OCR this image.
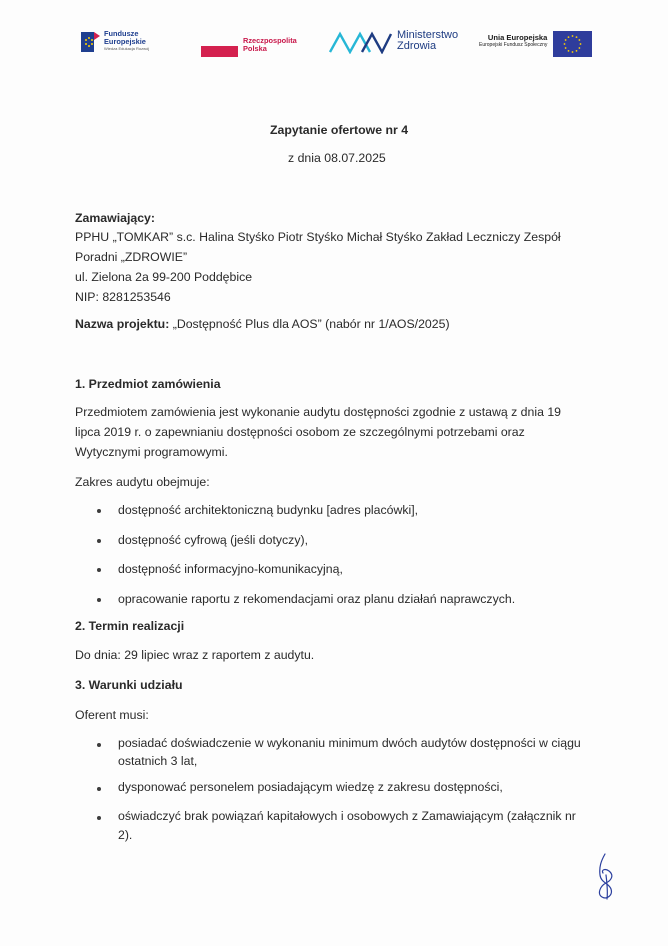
Fundusze
Europejskie
Wiedza Edukacja Rozwój
Rzeczpospolita
Polska
Ministerstwo
Zdrowia
Unia Europejska
Europejski Fundusz Społeczny

Zapytanie ofertowe nr 4

z dnia 08.07.2025

Zamawiający:

PPHU „TOMKAR” s.c. Halina Styśko Piotr Styśko Michał Styśko Zakład Leczniczy Zespół

Poradni „ZDROWIE”

ul. Zielona 2a 99-200 Poddębice

NIP: 8281253546

Nazwa projektu: „Dostępność Plus dla AOS” (nabór nr 1/AOS/2025)

1. Przedmiot zamówienia

Przedmiotem zamówienia jest wykonanie audytu dostępności zgodnie z ustawą z dnia 19

lipca 2019 r. o zapewnianiu dostępności osobom ze szczególnymi potrzebami oraz

Wytycznymi programowymi.

Zakres audytu obejmuje:

dostępność architektoniczną budynku [adres placówki],

dostępność cyfrową (jeśli dotyczy),

dostępność informacyjno-komunikacyjną,

opracowanie raportu z rekomendacjami oraz planu działań naprawczych.

2. Termin realizacji

Do dnia: 29 lipiec wraz z raportem z audytu.

3. Warunki udziału

Oferent musi:

posiadać doświadczenie w wykonaniu minimum dwóch audytów dostępności w ciągu

ostatnich 3 lat,

dysponować personelem posiadającym wiedzę z zakresu dostępności,

oświadczyć brak powiązań kapitałowych i osobowych z Zamawiającym (załącznik nr

2).
